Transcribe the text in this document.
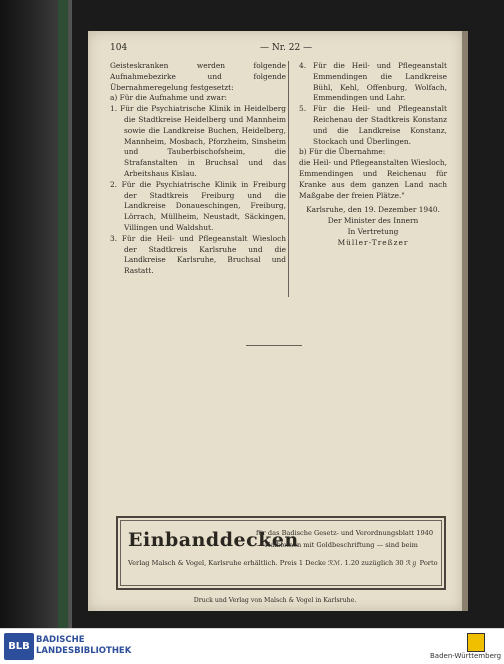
104	— Nr. 22 —

Geisteskranken werden folgende Aufnahmebezirke und folgende Übernahmeregelung festgesetzt:

a) Für die Aufnahme und zwar:

1. Für die Psychiatrische Klinik in Heidelberg die Stadtkreise Heidelberg und Mannheim sowie die Landkreise Buchen, Heidelberg, Mannheim, Mosbach, Pforzheim, Sinsheim und Tauberbischofsheim, die Strafanstalten in Bruchsal und das Arbeitshaus Kislau.

2. Für die Psychiatrische Klinik in Freiburg der Stadtkreis Freiburg und die Landkreise Donaueschingen, Freiburg, Lörrach, Müllheim, Neustadt, Säckingen, Villingen und Waldshut.

3. Für die Heil- und Pflegeanstalt Wiesloch der Stadtkreis Karlsruhe und die Landkreise Karlsruhe, Bruchsal und Rastatt.

4. Für die Heil- und Pflegeanstalt Emmendingen die Landkreise Bühl, Kehl, Offenburg, Wolfach, Emmendingen und Lahr.

5. Für die Heil- und Pflegeanstalt Reichenau der Stadtkreis Konstanz und die Landkreise Konstanz, Stockach und Überlingen.

b) Für die Übernahme:

die Heil- und Pflegeanstalten Wiesloch, Emmendingen und Reichenau für Kranke aus dem ganzen Land nach Maßgabe der freien Plätze."

Karlsruhe, den 19. Dezember 1940.

Der Minister des Innern

In Vertretung

Müller-Treßzer

Einbanddecken
für das Badische Gesetz- und Verordnungsblatt 1940
— Halbleinen mit Goldbeschriftung — sind beim
Verlag Malsch & Vogel, Karlsruhe erhältlich. Preis 1 Decke ℛℳ. 1.20 zuzüglich 30 ℛℊ Porto
Druck und Verlag von Malsch & Vogel in Karlsruhe.
BLB
BADISCHE
LANDESBIBLIOTHEK	Baden-Württemberg
